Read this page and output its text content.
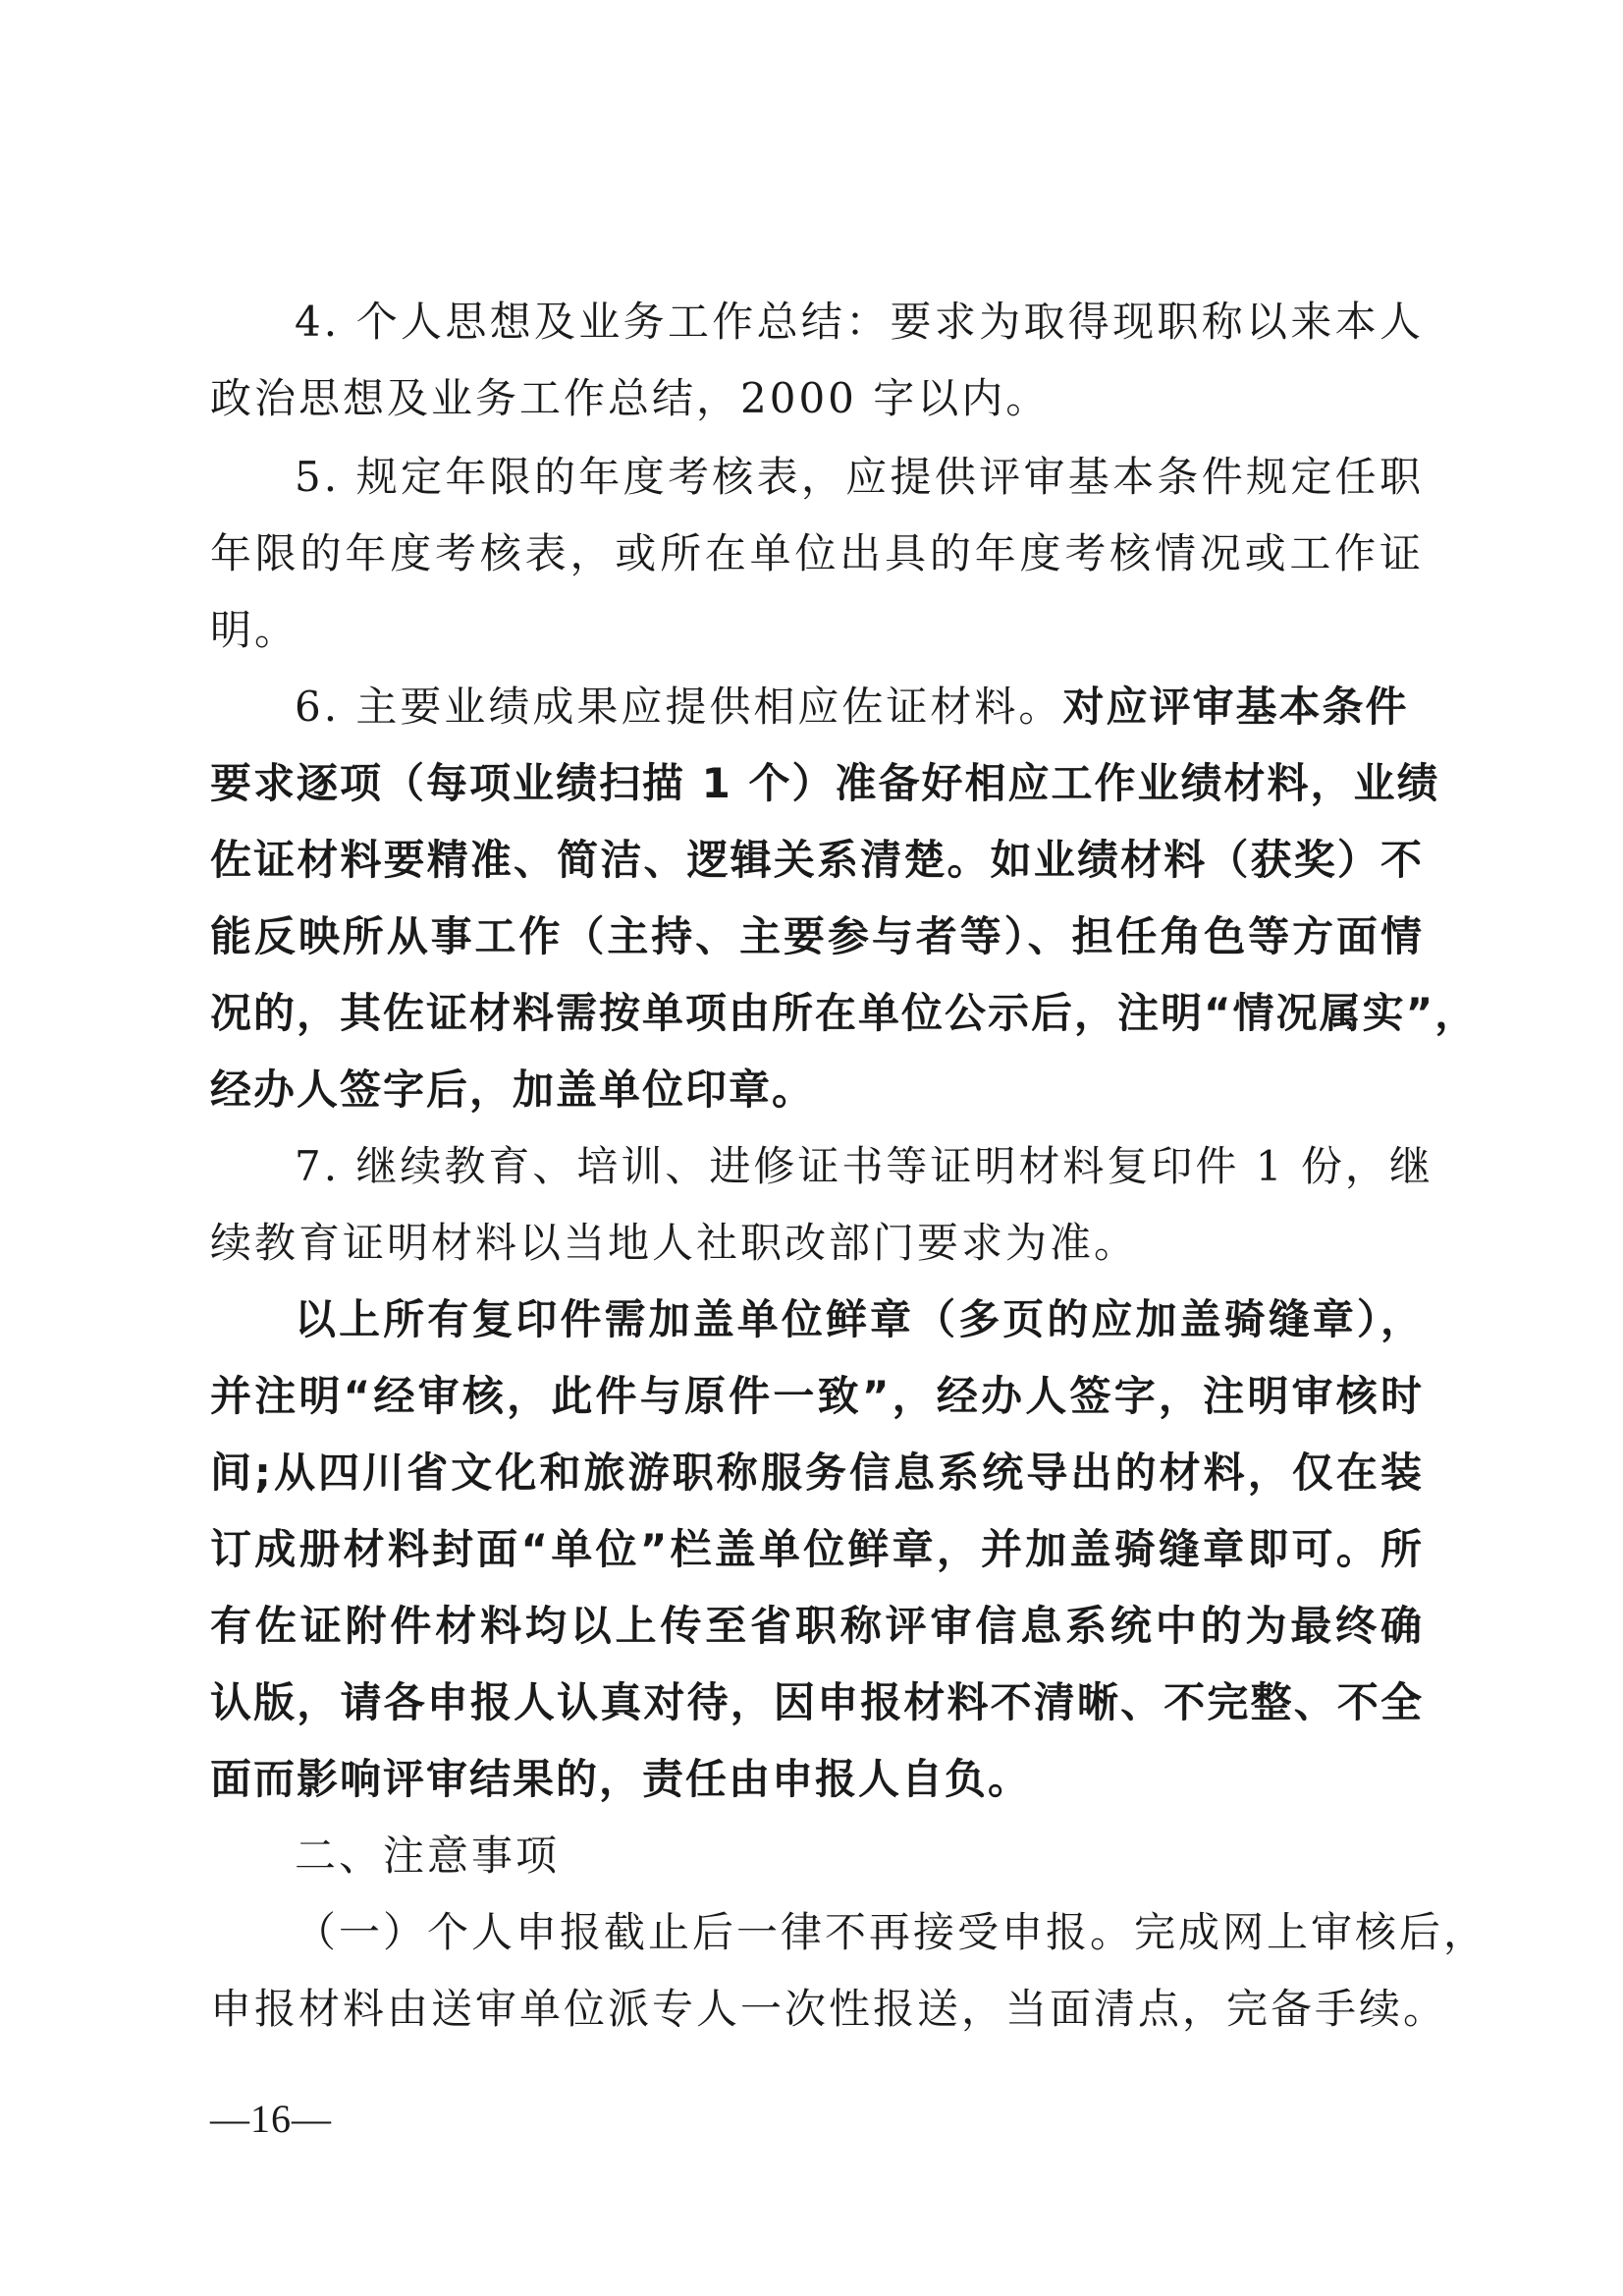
4. 个人思想及业务工作总结：要求为取得现职称以来本人
政治思想及业务工作总结，2000 字以内。
5. 规定年限的年度考核表，应提供评审基本条件规定任职
年限的年度考核表，或所在单位出具的年度考核情况或工作证
明。
6. 主要业绩成果应提供相应佐证材料。对应评审基本条件
要求逐项（每项业绩扫描 1 个）准备好相应工作业绩材料，业绩
佐证材料要精准、简洁、逻辑关系清楚。如业绩材料（获奖）不
能反映所从事工作（主持、主要参与者等）、担任角色等方面情
况的，其佐证材料需按单项由所在单位公示后，注明“情况属实”，
经办人签字后，加盖单位印章。
7. 继续教育、培训、进修证书等证明材料复印件 1 份，继
续教育证明材料以当地人社职改部门要求为准。
以上所有复印件需加盖单位鲜章（多页的应加盖骑缝章），
并注明“经审核，此件与原件一致”，经办人签字，注明审核时
间;从四川省文化和旅游职称服务信息系统导出的材料，仅在装
订成册材料封面“单位”栏盖单位鲜章，并加盖骑缝章即可。所
有佐证附件材料均以上传至省职称评审信息系统中的为最终确
认版，请各申报人认真对待，因申报材料不清晰、不完整、不全
面而影响评审结果的，责任由申报人自负。
二、注意事项
（一）个人申报截止后一律不再接受申报。完成网上审核后，
申报材料由送审单位派专人一次性报送，当面清点，完备手续。
—16—
